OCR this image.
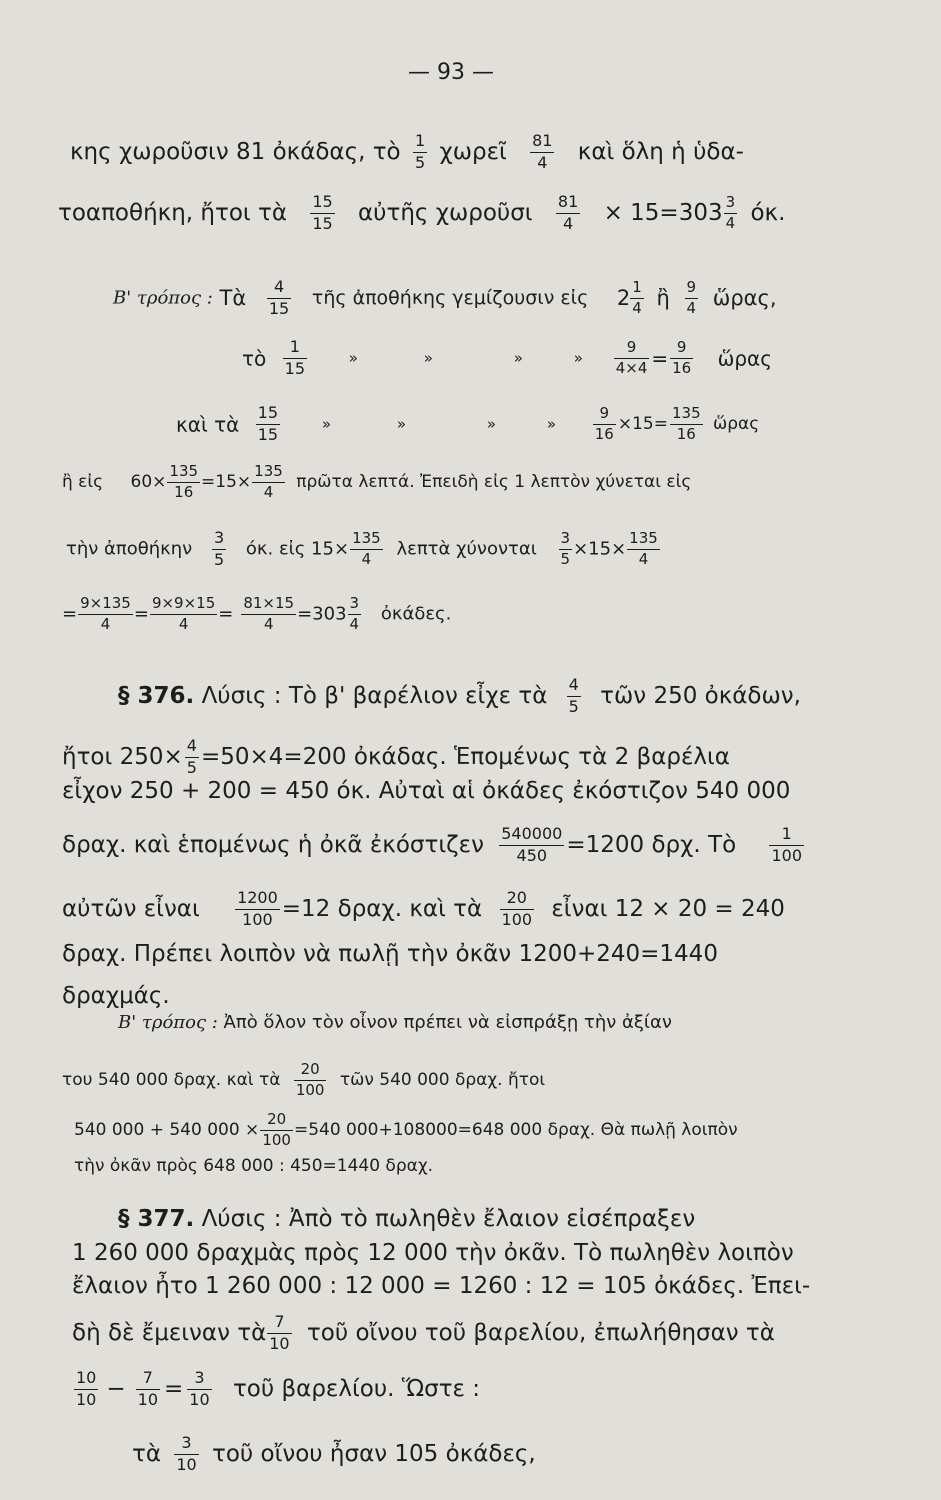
— 93 —
κης χωροῦσιν 81 ὀκάδας, τὸ $\frac{1}{5}$ χωρεῖ $\frac{81}{4}$ καὶ ὅλη ἡ ὑδα-
τοαποθήκη, ἤτοι τὰ $\frac{15}{15}$ αὐτῆς χωροῦσι $\frac{81}{4} \times 15=303 \frac{3}{4} ό\kappa$.
Β' τρόπος : Τὰ $\frac{4}{15}$ τῆς ἀποθήκης γεμίζουσιν εἰς $2 \frac{1}{4}$ ἢ $\frac{9}{4}$ ὥρας,
τὸ $\frac{1}{15}$	»	»	»	» $\frac{9}{4\times 4} = \frac{9}{16}$ ὥρας
καὶ τὰ $\frac{15}{15}$	»	»	»	» $\frac{9}{16} \times 15= \frac{135}{16}$ ὥρας
ἢ εἰς $60\times \frac{135}{16} =15\times \frac{135}{4}$ πρῶτα λεπτά. Ἐπειδὴ εἰς 1 λεπτὸν χύνεται εἰς
τὴν ἀποθήκην $\frac{3}{5} ό\kappa$. εἰς $15\times \frac{135}{4}$ λεπτὰ χύνονται $\frac{3}{5} \times 15\times \frac{135}{4}$
= $\frac{9\times 135}{4} = \frac{9\times 9\times 15}{4} = \frac{81\times 15}{4} =303 \frac{3}{4}$ ὀκάδες.
§ 376. Λύσις : Τὸ β' βαρέλιον εἶχε τὰ $\frac{4}{5}$ τῶν 250 ὀκάδων,
ἤτοι $250\times \frac{4}{5} =50\times 4=200$ ὀκάδας. Ἑπομένως τὰ 2 βαρέλια
εἶχον 250 + 200 = 450 όκ. Αὐταὶ αἱ ὀκάδες ἐκόστιζον 540 000
δραχ. καὶ ἑπομένως ἡ ὀκᾶ ἐκόστιζεν $\frac{540000}{450} =1200$ δρχ. Τὸ $\frac{1}{100}$
αὐτῶν εἶναι $\frac{1200}{100} =12$ δραχ. καὶ τὰ $\frac{20}{100}$ εἶναι 12 × 20 = 240
δραχ. Πρέπει λοιπὸν νὰ πωλῇ τὴν ὀκᾶν 1200+240=1440
δραχμάς.
Β' τρόπος : Ἀπὸ ὅλον τὸν οἶνον πρέπει νὰ εἰσπράξῃ τὴν ἀξίαν
του 540 000 δραχ. καὶ τὰ $\frac{20}{100}$ τῶν 540 000 δραχ. ἤτοι
540 000 + 540 $000 \times \frac{20}{100} =540$ 000+108000=648 000 δραχ. Θὰ πωλῇ λοιπὸν
τὴν ὀκᾶν πρὸς 648 000 : 450=1440 δραχ.
§ 377. Λύσις : Ἀπὸ τὸ πωληθὲν ἔλαιον εἰσέπραξεν
1 260 000 δραχμὰς πρὸς 12 000 τὴν ὀκᾶν. Τὸ πωληθὲν λοιπὸν
ἔλαιον ἦτο 1 260 000 : 12 000 = 1260 : 12 = 105 ὀκάδες. Ἐπει-
δὴ δὲ ἔμειναν τὰ $\frac{7}{10}$ τοῦ οἴνου τοῦ βαρελίου, ἐπωλήθησαν τὰ
$\frac{10}{10} - \frac{7}{10} = \frac{3}{10}$ τοῦ βαρελίου. Ὥστε :
τὰ $\frac{3}{10}$ τοῦ οἴνου ἦσαν 105 ὀκάδες,
